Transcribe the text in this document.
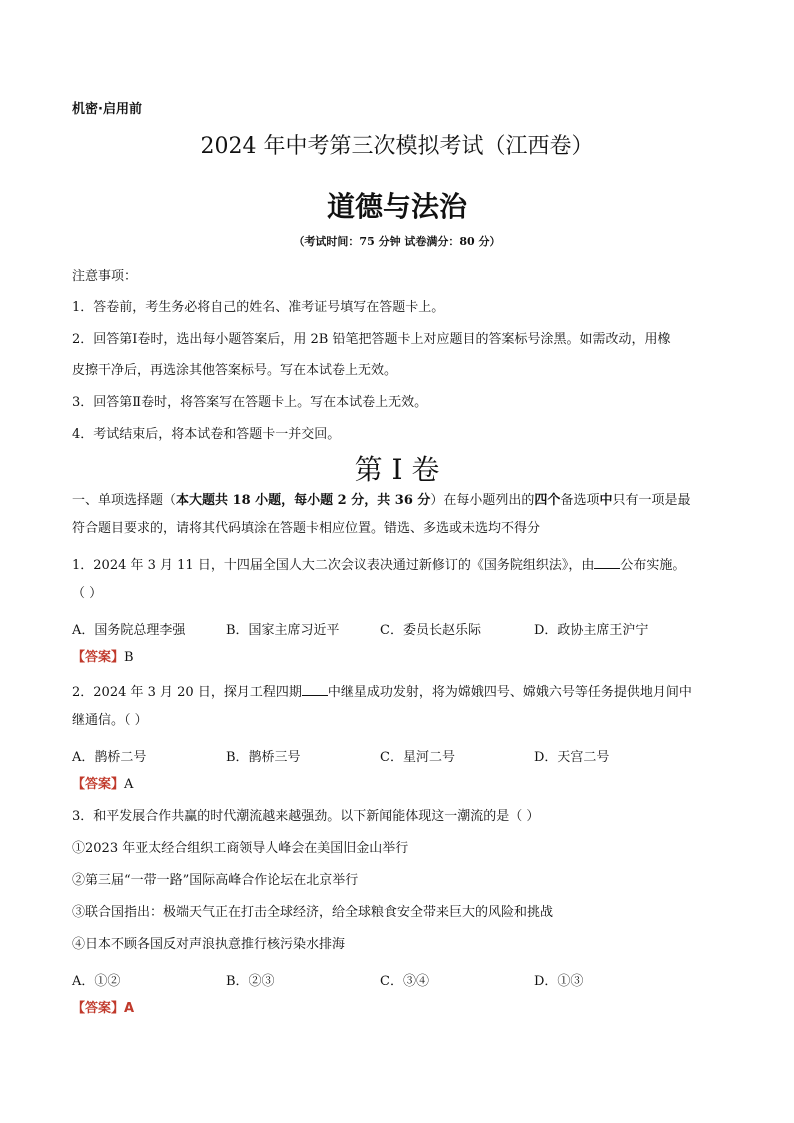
机密·启用前
2024 年中考第三次模拟考试（江西卷）
道德与法治
（考试时间：75 分钟 试卷满分：80 分）
注意事项：
1．答卷前，考生务必将自己的姓名、准考证号填写在答题卡上。
2．回答第Ⅰ卷时，选出每小题答案后，用 2B 铅笔把答题卡上对应题目的答案标号涂黑。如需改动，用橡
皮擦干净后，再选涂其他答案标号。写在本试卷上无效。
3．回答第Ⅱ卷时，将答案写在答题卡上。写在本试卷上无效。
4．考试结束后，将本试卷和答题卡一并交回。
第 I 卷
一、单项选择题（本大题共 18 小题，每小题 2 分，共 36 分）在每小题列出的四个备选项中只有一项是最
符合题目要求的，请将其代码填涂在答题卡相应位置。错选、多选或未选均不得分
1．2024 年 3 月 11 日，十四届全国人大二次会议表决通过新修订的《国务院组织法》，由 公布实施。
（ ）
A．国务院总理李强	B．国家主席习近平	C．委员长赵乐际	D．政协主席王沪宁
【答案】B
2．2024 年 3 月 20 日，探月工程四期 中继星成功发射，将为嫦娥四号、嫦娥六号等任务提供地月间中
继通信。（ ）
A．鹊桥二号	B．鹊桥三号	C．星河二号	D．天宫二号
【答案】A
3．和平发展合作共赢的时代潮流越来越强劲。以下新闻能体现这一潮流的是（ ）
①2023 年亚太经合组织工商领导人峰会在美国旧金山举行
②第三届“一带一路”国际高峰合作论坛在北京举行
③联合国指出：极端天气正在打击全球经济，给全球粮食安全带来巨大的风险和挑战
④日本不顾各国反对声浪执意推行核污染水排海
A．①②	B．②③	C．③④	D．①③
【答案】A
